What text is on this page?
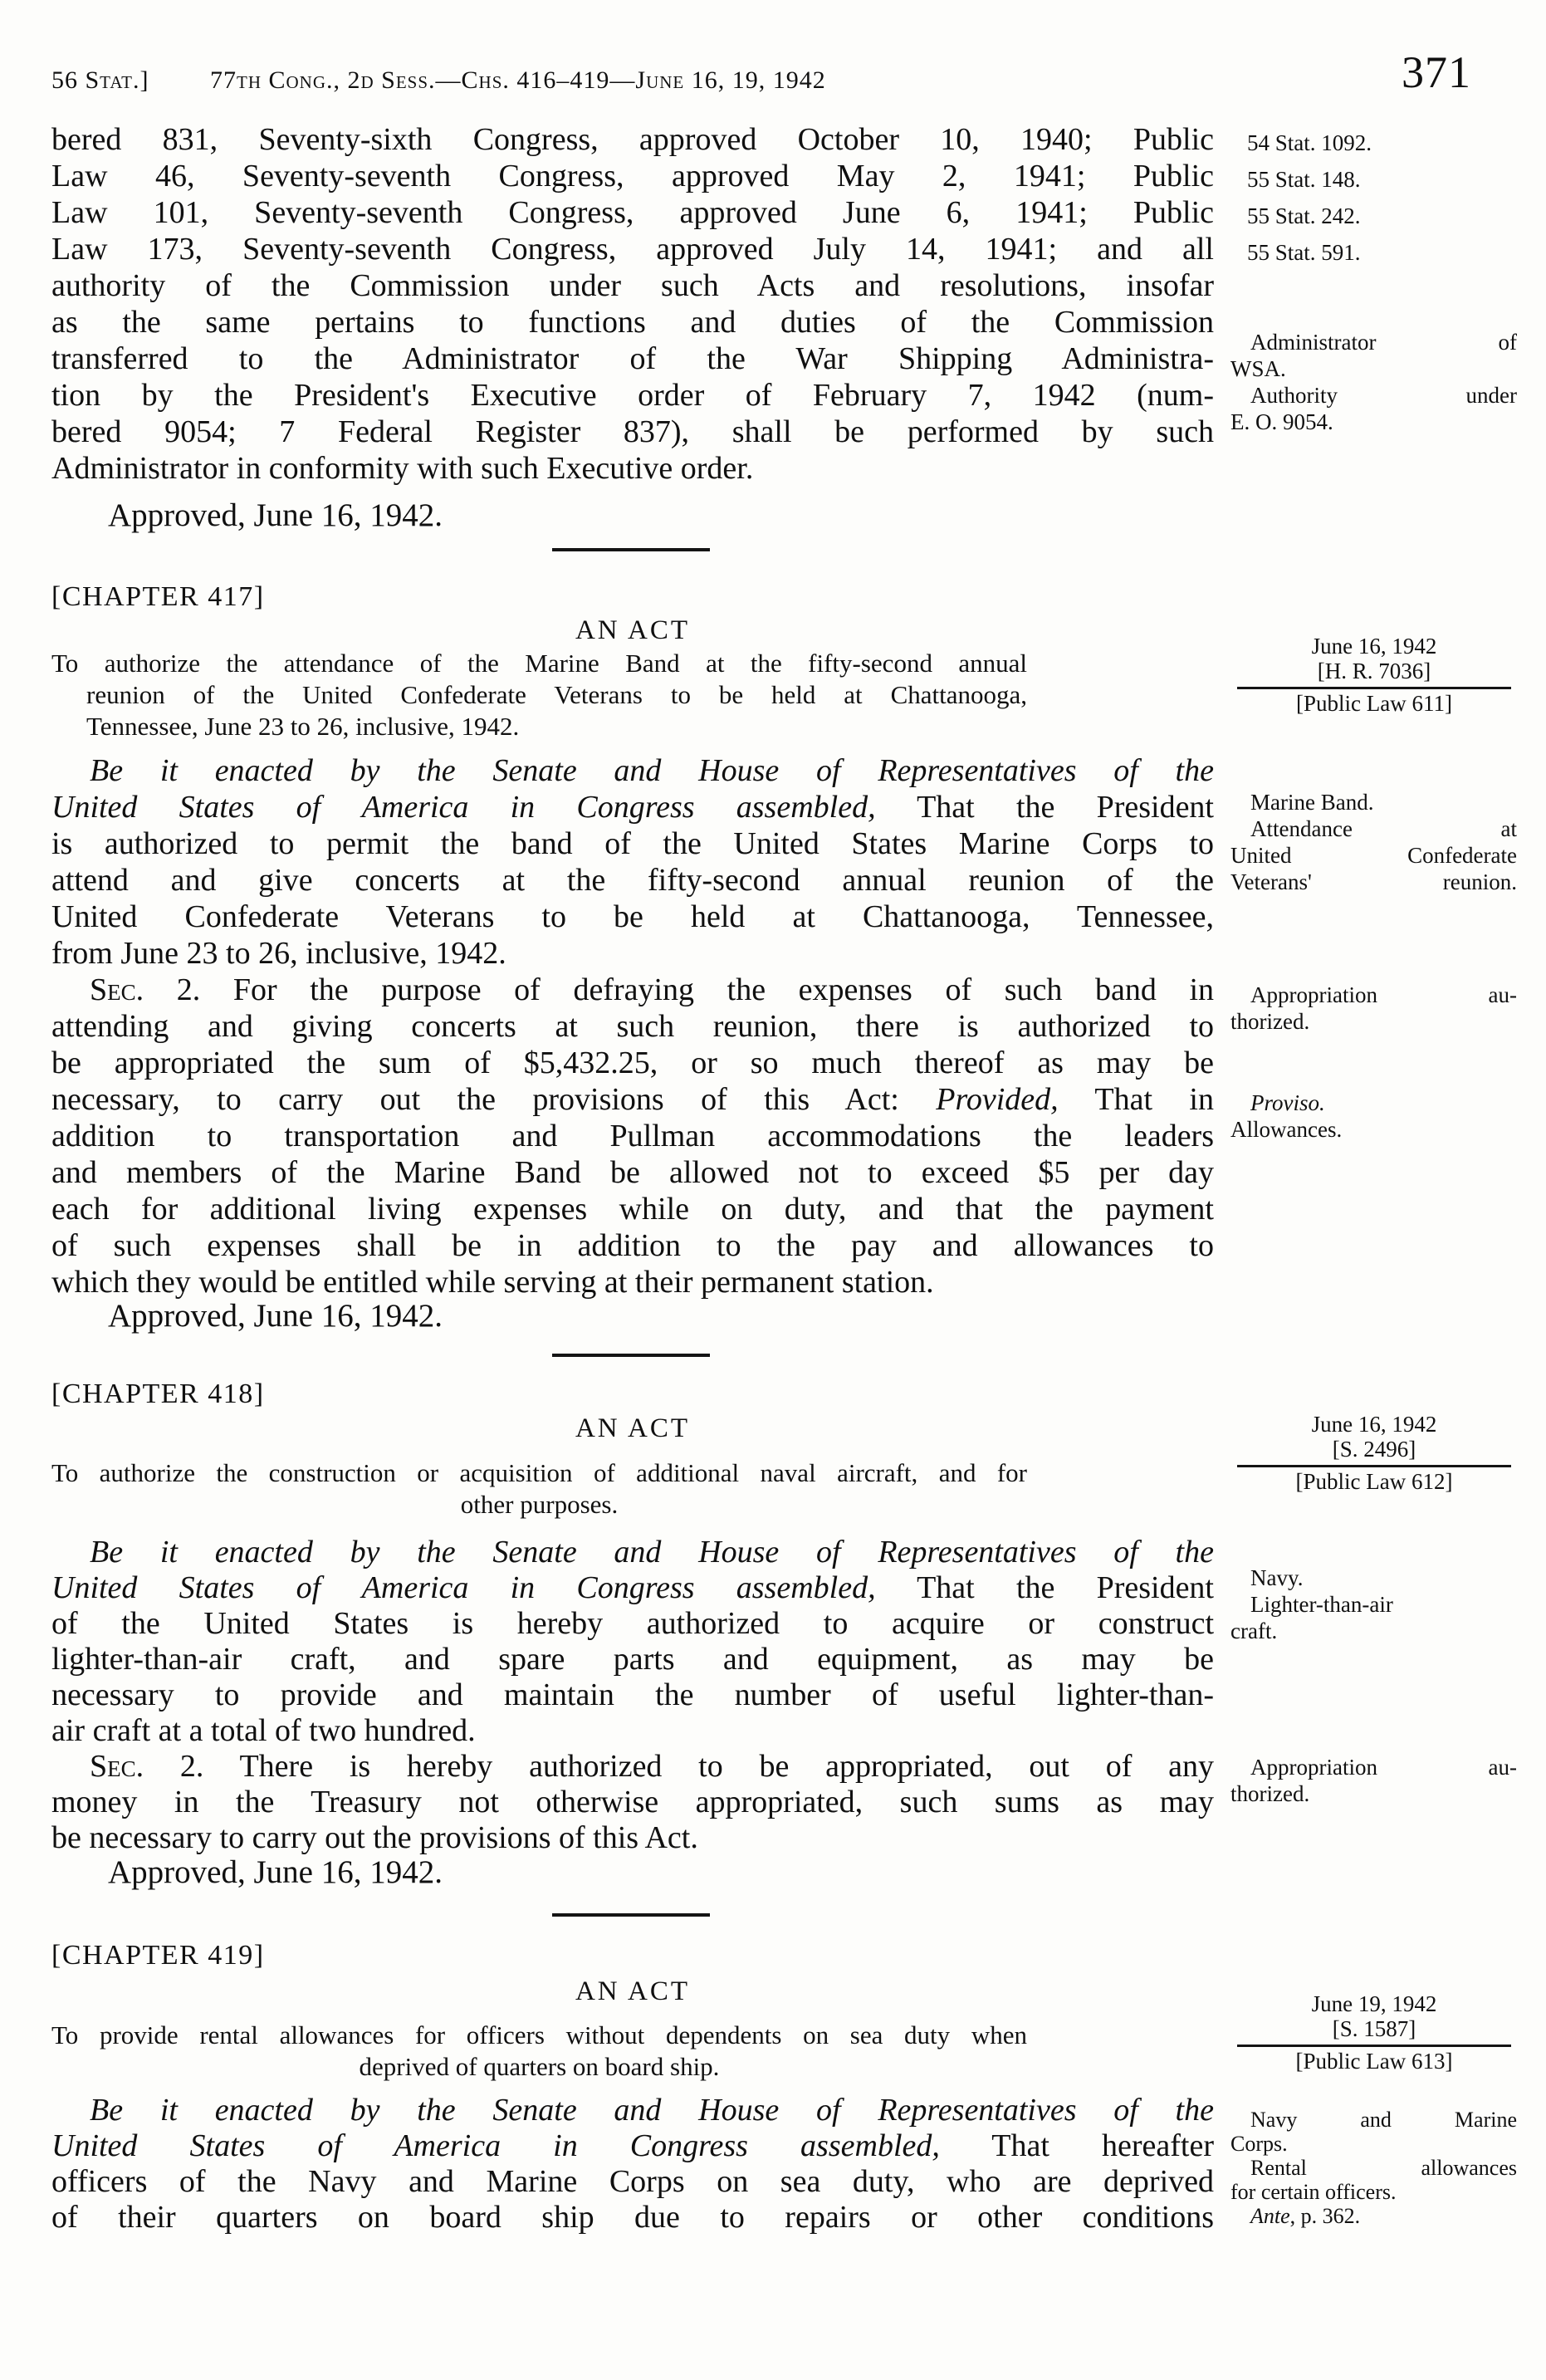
56 Stat.] 77th Cong., 2d Sess.—Chs. 416–419—June 16, 19, 1942	371
bered 831, Seventy-sixth Congress, approved October 10, 1940; Public
Law 46, Seventy-seventh Congress, approved May 2, 1941; Public
Law 101, Seventy-seventh Congress, approved June 6, 1941; Public
Law 173, Seventy-seventh Congress, approved July 14, 1941; and all
authority of the Commission under such Acts and resolutions, insofar
as the same pertains to functions and duties of the Commission
transferred to the Administrator of the War Shipping Administra-
tion by the President's Executive order of February 7, 1942 (num-
bered 9054; 7 Federal Register 837), shall be performed by such
Administrator in conformity with such Executive order.
54 Stat. 1092.
55 Stat. 148.
55 Stat. 242.
55 Stat. 591.
Administrator of
WSA.
Authority under
E. O. 9054.
Approved, June 16, 1942.
[CHAPTER 417]
AN ACT
To authorize the attendance of the Marine Band at the fifty-second annual
reunion of the United Confederate Veterans to be held at Chattanooga,
Tennessee, June 23 to 26, inclusive, 1942.
June 16, 1942
[H. R. 7036]
[Public Law 611]
Be it enacted by the Senate and House of Representatives of the
United States of America in Congress assembled, That the President
is authorized to permit the band of the United States Marine Corps to
attend and give concerts at the fifty-second annual reunion of the
United Confederate Veterans to be held at Chattanooga, Tennessee,
from June 23 to 26, inclusive, 1942.
Marine Band.
Attendance at
United Confederate
Veterans' reunion.
Sec. 2. For the purpose of defraying the expenses of such band in
attending and giving concerts at such reunion, there is authorized to
be appropriated the sum of $5,432.25, or so much thereof as may be
necessary, to carry out the provisions of this Act: Provided, That in
addition to transportation and Pullman accommodations the leaders
and members of the Marine Band be allowed not to exceed $5 per day
each for additional living expenses while on duty, and that the payment
of such expenses shall be in addition to the pay and allowances to
which they would be entitled while serving at their permanent station.
Appropriation au-
thorized.
Proviso.
Allowances.
Approved, June 16, 1942.
[CHAPTER 418]
AN ACT
To authorize the construction or acquisition of additional naval aircraft, and for
other purposes.
June 16, 1942
[S. 2496]
[Public Law 612]
Be it enacted by the Senate and House of Representatives of the
United States of America in Congress assembled, That the President
of the United States is hereby authorized to acquire or construct
lighter-than-air craft, and spare parts and equipment, as may be
necessary to provide and maintain the number of useful lighter-than-
air craft at a total of two hundred.
Navy.
Lighter-than-air
craft.
Sec. 2. There is hereby authorized to be appropriated, out of any
money in the Treasury not otherwise appropriated, such sums as may
be necessary to carry out the provisions of this Act.
Appropriation au-
thorized.
Approved, June 16, 1942.
[CHAPTER 419]
AN ACT
To provide rental allowances for officers without dependents on sea duty when
deprived of quarters on board ship.
June 19, 1942
[S. 1587]
[Public Law 613]
Be it enacted by the Senate and House of Representatives of the
United States of America in Congress assembled, That hereafter
officers of the Navy and Marine Corps on sea duty, who are deprived
of their quarters on board ship due to repairs or other conditions
Navy and Marine
Corps.
Rental allowances
for certain officers.
Ante, p. 362.
